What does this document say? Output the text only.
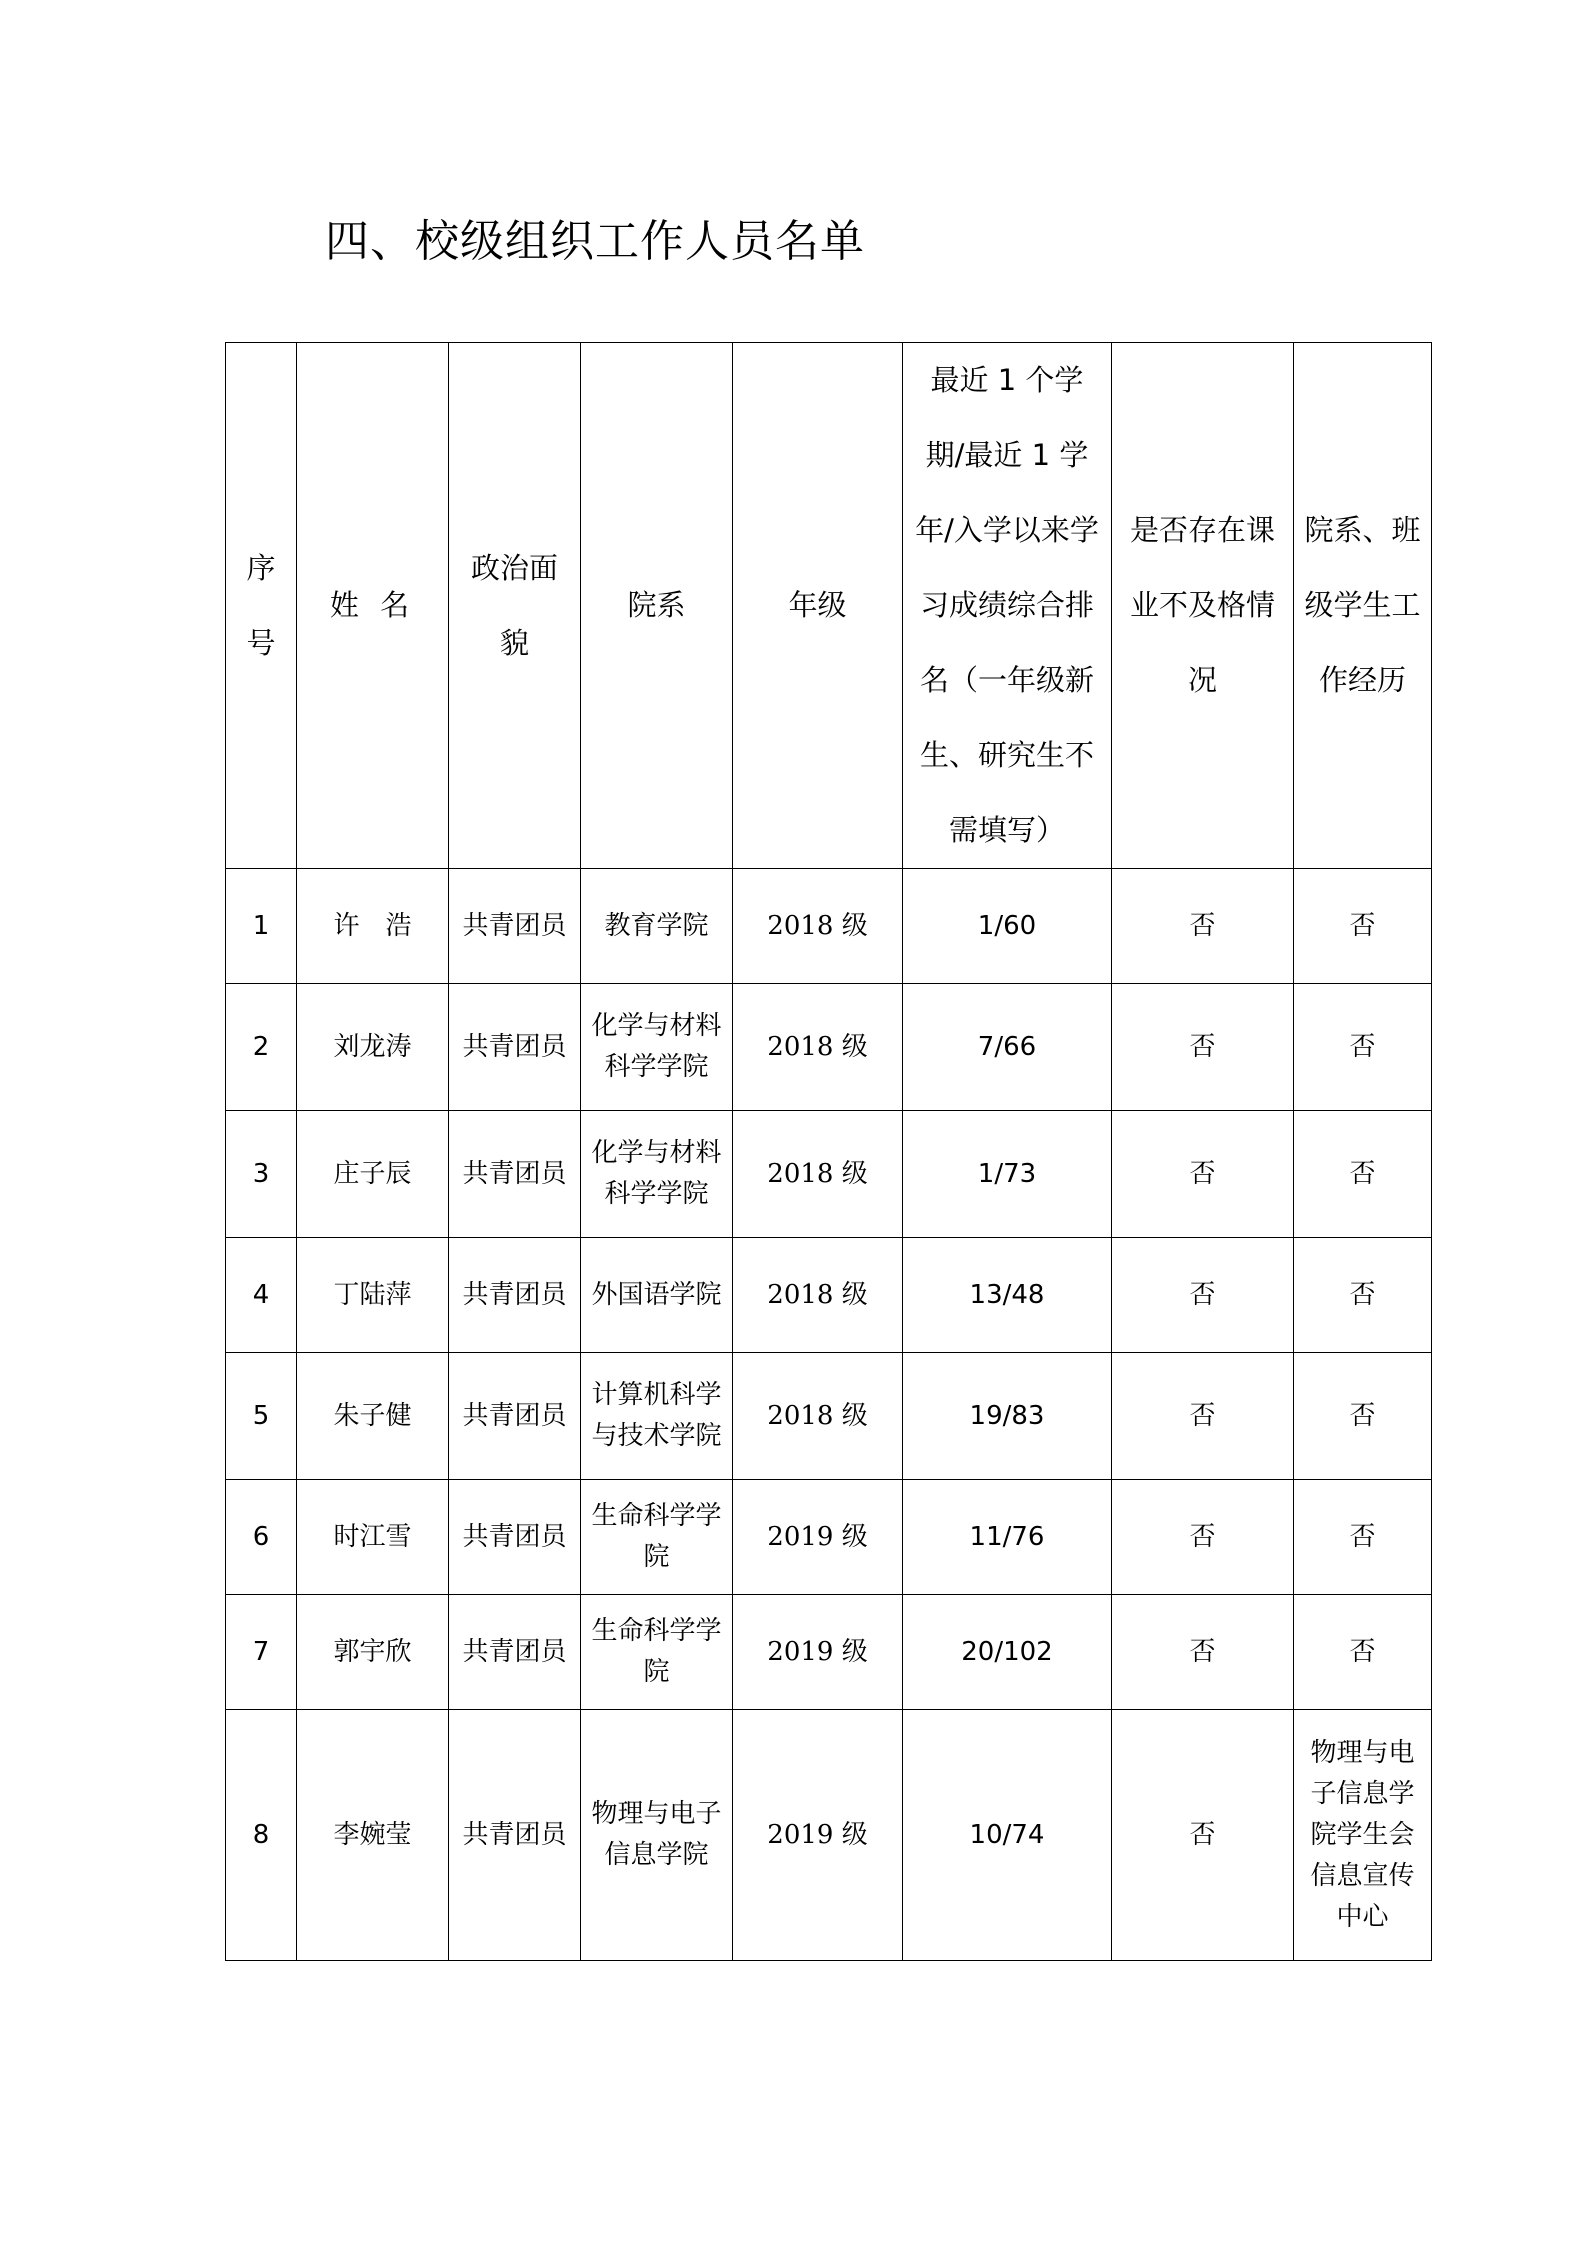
四、校级组织工作人员名单
序号	姓 名	政治面貌	院系	年级	最近 1 个学期/最近 1 学年/入学以来学习成绩综合排名（一年级新生、研究生不需填写）	是否存在课业不及格情况	院系、班级学生工作经历
1	许　浩	共青团员	教育学院	2018 级	1/60	否	否
2	刘龙涛	共青团员	化学与材料科学学院	2018 级	7/66	否	否
3	庄子辰	共青团员	化学与材料科学学院	2018 级	1/73	否	否
4	丁陆萍	共青团员	外国语学院	2018 级	13/48	否	否
5	朱子健	共青团员	计算机科学与技术学院	2018 级	19/83	否	否
6	时江雪	共青团员	生命科学学院	2019 级	11/76	否	否
7	郭宇欣	共青团员	生命科学学院	2019 级	20/102	否	否
8	李婉莹	共青团员	物理与电子信息学院	2019 级	10/74	否	物理与电子信息学院学生会信息宣传中心
